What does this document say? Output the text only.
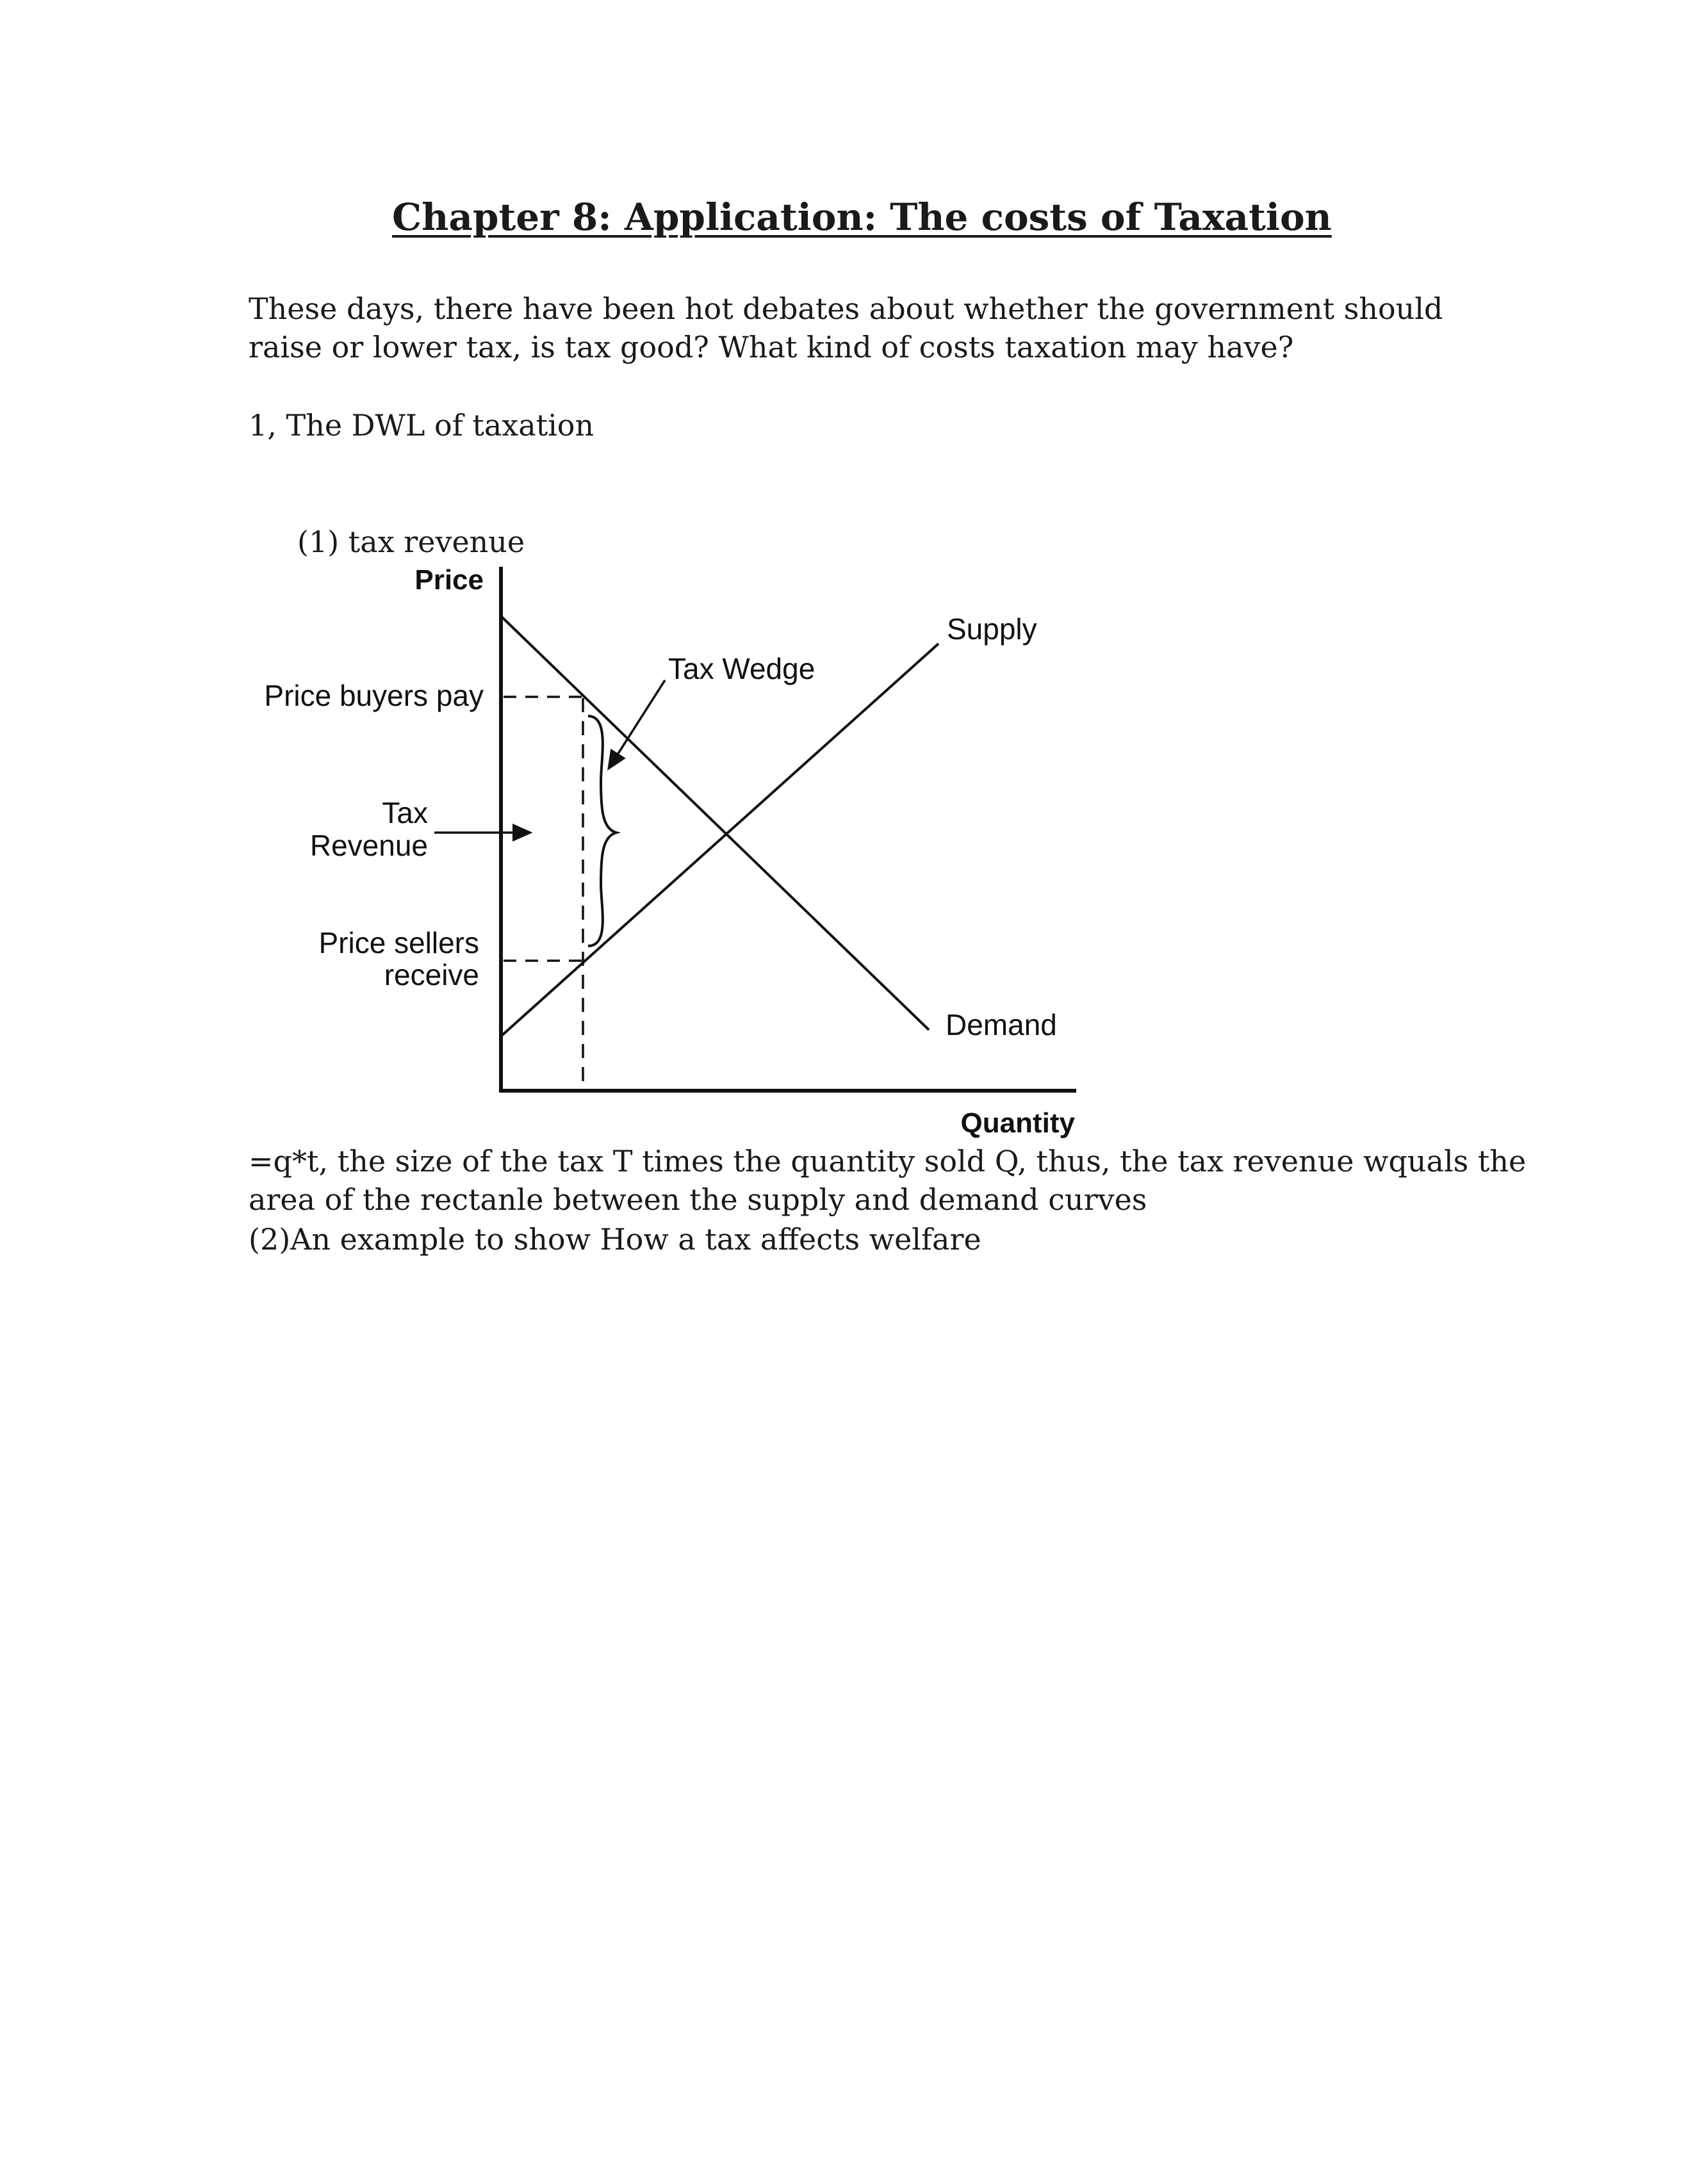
Chapter 8: Application: The costs of Taxation

These days, there have been hot debates about whether the government should

raise or lower tax, is tax good? What kind of costs taxation may have?

1, The DWL of taxation

(1) tax revenue

Price
Quantity
Supply
Demand
Tax Wedge
Price buyers pay
Tax
Revenue
Price sellers
receive

=q*t, the size of the tax T times the quantity sold Q, thus, the tax revenue wquals the

area of the rectanle between the supply and demand curves

(2)An example to show How a tax affects welfare
